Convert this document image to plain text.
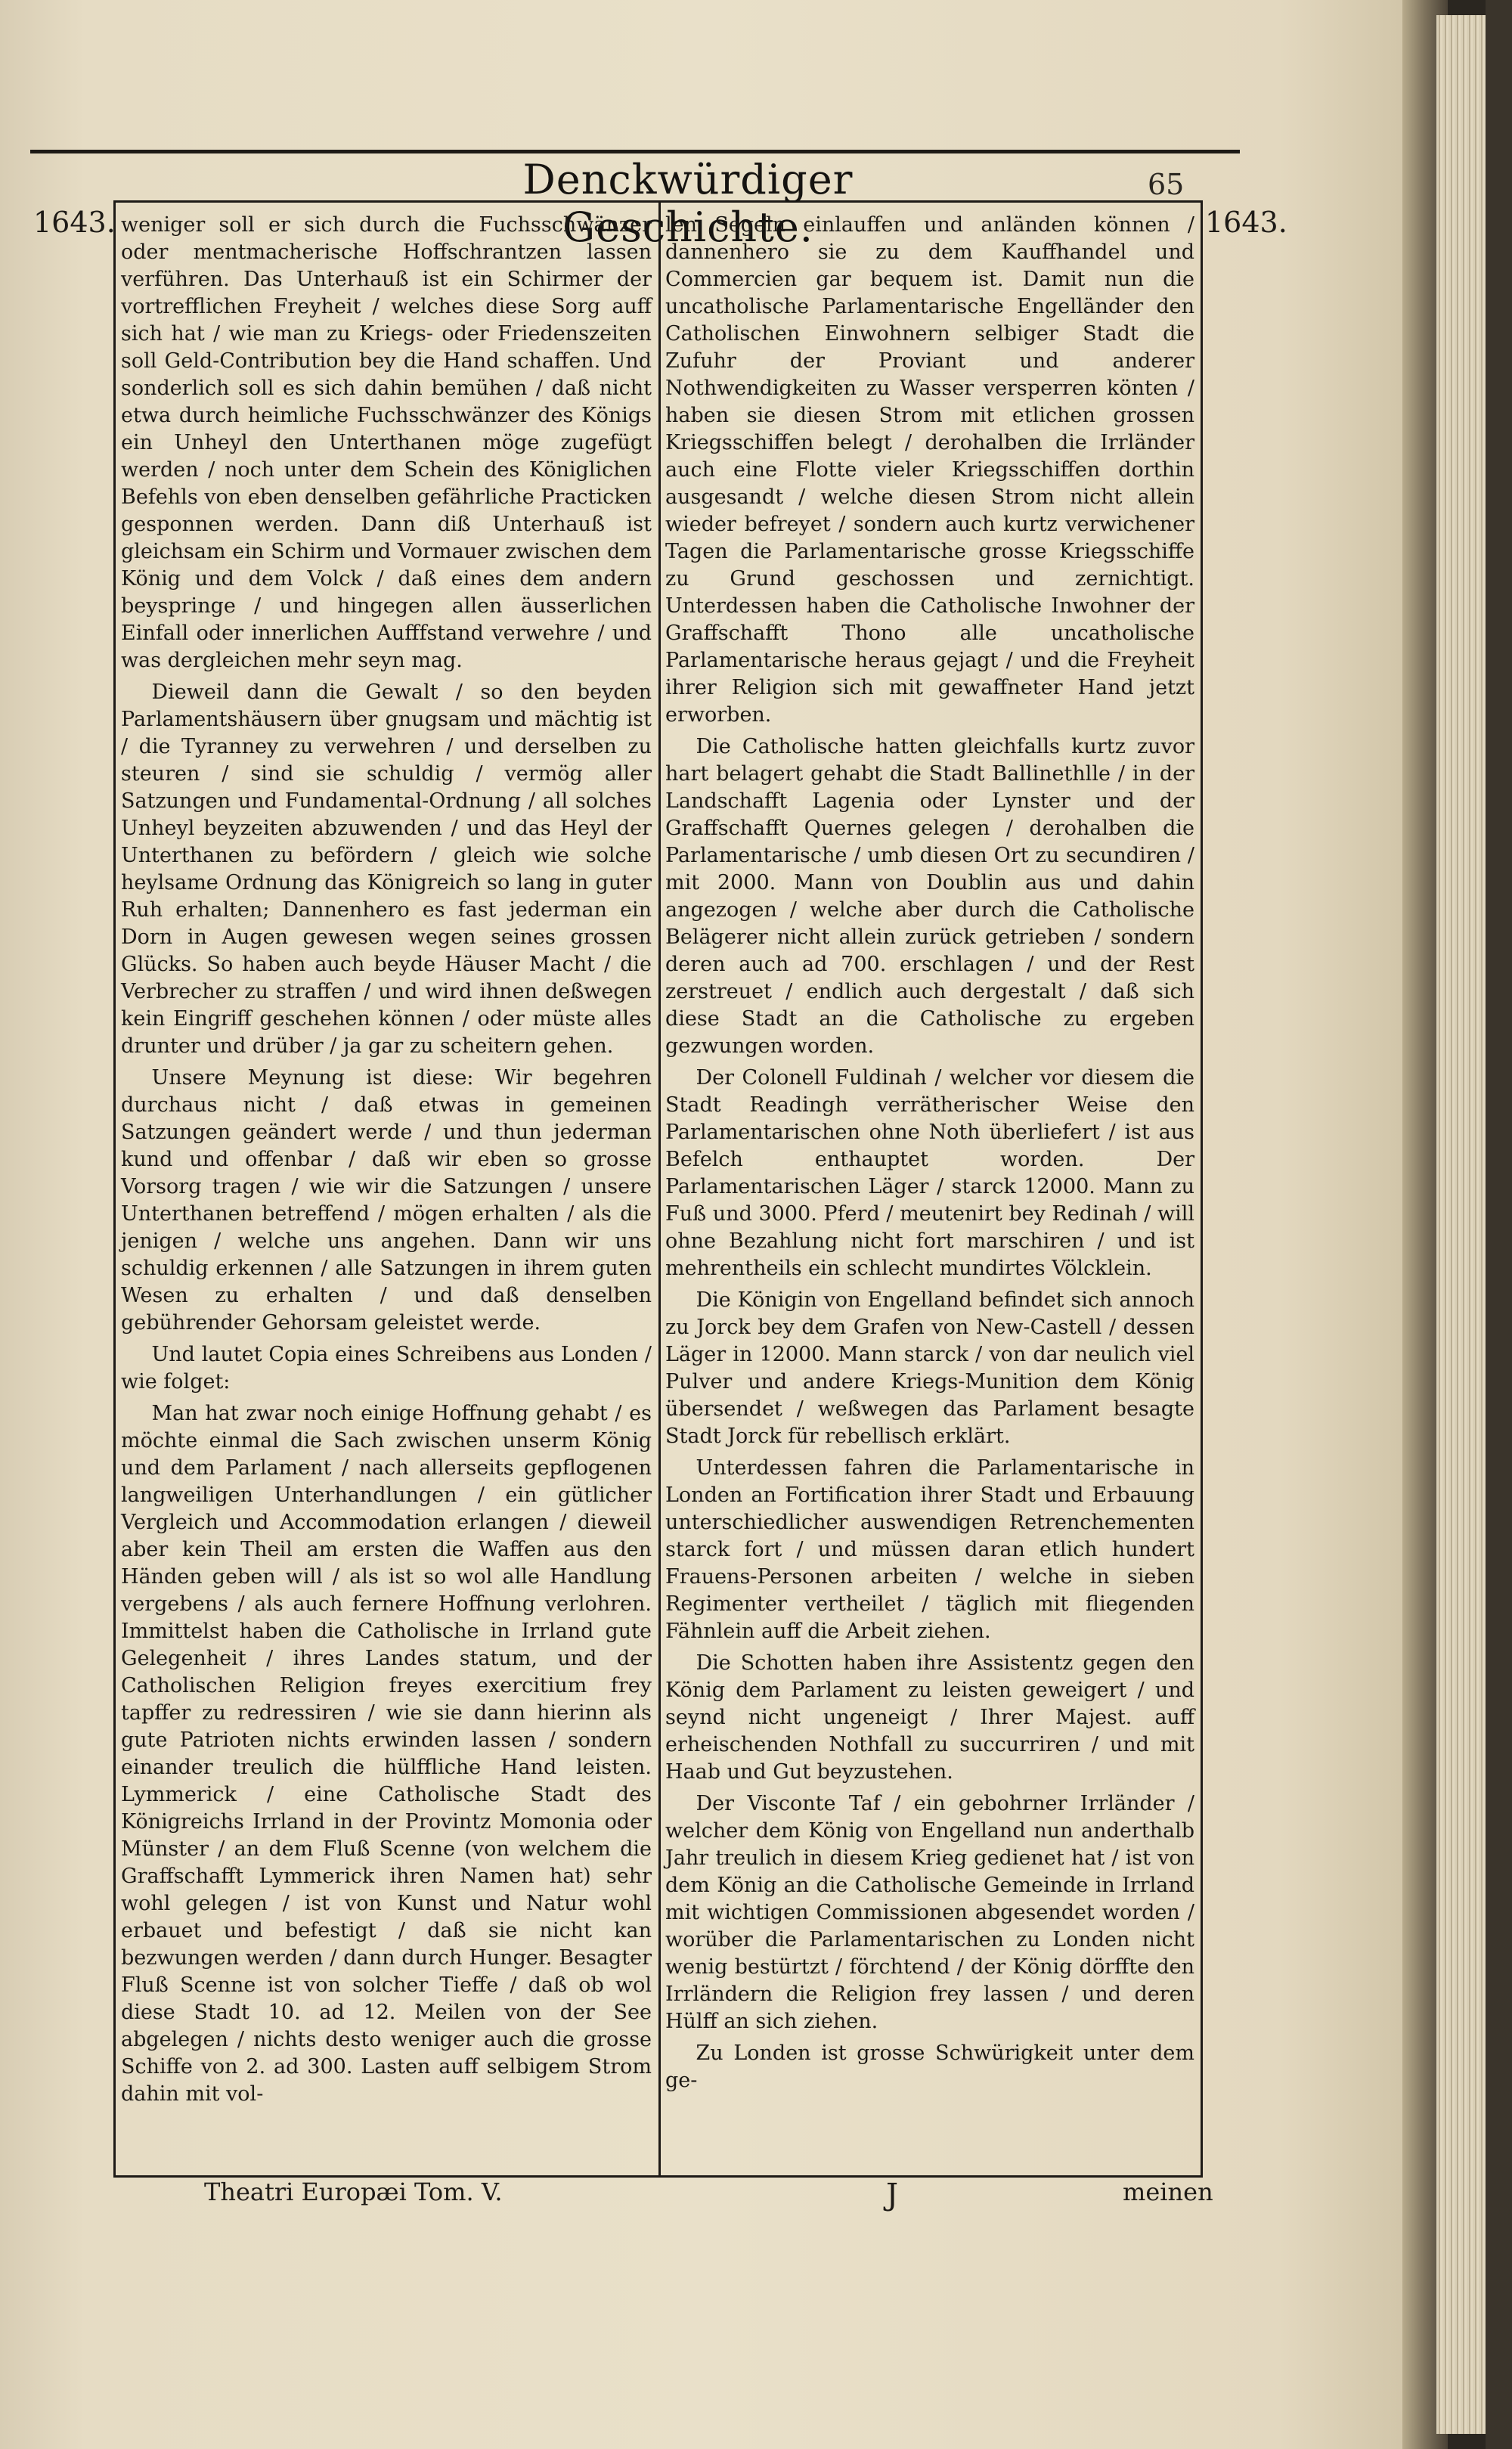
Denckwürdiger Geschichte.
65
1643.	1643.

weniger soll er sich durch die Fuchsschwänzer oder mentmacherische Hoffschrantzen lassen verführen. Das Unterhauß ist ein Schirmer der vortrefflichen Freyheit / welches diese Sorg auff sich hat / wie man zu Kriegs- oder Friedenszeiten soll Geld-Contribution bey die Hand schaffen. Und sonderlich soll es sich dahin bemühen / daß nicht etwa durch heimliche Fuchsschwänzer des Königs ein Unheyl den Unterthanen möge zugefügt werden / noch unter dem Schein des Königlichen Befehls von eben denselben gefährliche Practicken gesponnen werden. Dann diß Unterhauß ist gleichsam ein Schirm und Vormauer zwischen dem König und dem Volck / daß eines dem andern beyspringe / und hingegen allen äusserlichen Einfall oder innerlichen Aufffstand verwehre / und was dergleichen mehr seyn mag.

Dieweil dann die Gewalt / so den beyden Parlamentshäusern über gnugsam und mächtig ist / die Tyranney zu verwehren / und derselben zu steuren / sind sie schuldig / vermög aller Satzungen und Fundamental-Ordnung / all solches Unheyl beyzeiten abzuwenden / und das Heyl der Unterthanen zu befördern / gleich wie solche heylsame Ordnung das Königreich so lang in guter Ruh erhalten; Dannenhero es fast jederman ein Dorn in Augen gewesen wegen seines grossen Glücks. So haben auch beyde Häuser Macht / die Verbrecher zu straffen / und wird ihnen deßwegen kein Eingriff geschehen können / oder müste alles drunter und drüber / ja gar zu scheitern gehen.

Unsere Meynung ist diese: Wir begehren durchaus nicht / daß etwas in gemeinen Satzungen geändert werde / und thun jederman kund und offenbar / daß wir eben so grosse Vorsorg tragen / wie wir die Satzungen / unsere Unterthanen betreffend / mögen erhalten / als die jenigen / welche uns angehen. Dann wir uns schuldig erkennen / alle Satzungen in ihrem guten Wesen zu erhalten / und daß denselben gebührender Gehorsam geleistet werde.

Und lautet Copia eines Schreibens aus Londen / wie folget:

Man hat zwar noch einige Hoffnung gehabt / es möchte einmal die Sach zwischen unserm König und dem Parlament / nach allerseits gepflogenen langweiligen Unterhandlungen / ein gütlicher Vergleich und Accommodation erlangen / dieweil aber kein Theil am ersten die Waffen aus den Händen geben will / als ist so wol alle Handlung vergebens / als auch fernere Hoffnung verlohren. Immittelst haben die Catholische in Irrland gute Gelegenheit / ihres Landes statum, und der Catholischen Religion freyes exercitium frey tapffer zu redressiren / wie sie dann hierinn als gute Patrioten nichts erwinden lassen / sondern einander treulich die hülffliche Hand leisten. Lymmerick / eine Catholische Stadt des Königreichs Irrland in der Provintz Momonia oder Münster / an dem Fluß Scenne (von welchem die Graffschafft Lymmerick ihren Namen hat) sehr wohl gelegen / ist von Kunst und Natur wohl erbauet und befestigt / daß sie nicht kan bezwungen werden / dann durch Hunger. Besagter Fluß Scenne ist von solcher Tieffe / daß ob wol diese Stadt 10. ad 12. Meilen von der See abgelegen / nichts desto weniger auch die grosse Schiffe von 2. ad 300. Lasten auff selbigem Strom dahin mit vol-

len Segeln einlauffen und anländen können / dannenhero sie zu dem Kauffhandel und Commercien gar bequem ist. Damit nun die uncatholische Parlamentarische Engelländer den Catholischen Einwohnern selbiger Stadt die Zufuhr der Proviant und anderer Nothwendigkeiten zu Wasser versperren könten / haben sie diesen Strom mit etlichen grossen Kriegsschiffen belegt / derohalben die Irrländer auch eine Flotte vieler Kriegsschiffen dorthin ausgesandt / welche diesen Strom nicht allein wieder befreyet / sondern auch kurtz verwichener Tagen die Parlamentarische grosse Kriegsschiffe zu Grund geschossen und zernichtigt. Unterdessen haben die Catholische Inwohner der Graffschafft Thono alle uncatholische Parlamentarische heraus gejagt / und die Freyheit ihrer Religion sich mit gewaffneter Hand jetzt erworben.

Die Catholische hatten gleichfalls kurtz zuvor hart belagert gehabt die Stadt Ballinethlle / in der Landschafft Lagenia oder Lynster und der Graffschafft Quernes gelegen / derohalben die Parlamentarische / umb diesen Ort zu secundiren / mit 2000. Mann von Doublin aus und dahin angezogen / welche aber durch die Catholische Belägerer nicht allein zurück getrieben / sondern deren auch ad 700. erschlagen / und der Rest zerstreuet / endlich auch dergestalt / daß sich diese Stadt an die Catholische zu ergeben gezwungen worden.

Der Colonell Fuldinah / welcher vor diesem die Stadt Readingh verrätherischer Weise den Parlamentarischen ohne Noth überliefert / ist aus Befelch enthauptet worden. Der Parlamentarischen Läger / starck 12000. Mann zu Fuß und 3000. Pferd / meutenirt bey Redinah / will ohne Bezahlung nicht fort marschiren / und ist mehrentheils ein schlecht mundirtes Völcklein.

Die Königin von Engelland befindet sich annoch zu Jorck bey dem Grafen von New-Castell / dessen Läger in 12000. Mann starck / von dar neulich viel Pulver und andere Kriegs-Munition dem König übersendet / weßwegen das Parlament besagte Stadt Jorck für rebellisch erklärt.

Unterdessen fahren die Parlamentarische in Londen an Fortification ihrer Stadt und Erbauung unterschiedlicher auswendigen Retrenchementen starck fort / und müssen daran etlich hundert Frauens-Personen arbeiten / welche in sieben Regimenter vertheilet / täglich mit fliegenden Fähnlein auff die Arbeit ziehen.

Die Schotten haben ihre Assistentz gegen den König dem Parlament zu leisten geweigert / und seynd nicht ungeneigt / Ihrer Majest. auff erheischenden Nothfall zu succurriren / und mit Haab und Gut beyzustehen.

Der Visconte Taf / ein gebohrner Irrländer / welcher dem König von Engelland nun anderthalb Jahr treulich in diesem Krieg gedienet hat / ist von dem König an die Catholische Gemeinde in Irrland mit wichtigen Commissionen abgesendet worden / worüber die Parlamentarischen zu Londen nicht wenig bestürtzt / förchtend / der König dörffte den Irrländern die Religion frey lassen / und deren Hülff an sich ziehen.

Zu Londen ist grosse Schwürigkeit unter dem ge-

Theatri Europæi Tom. V.	J	meinen
